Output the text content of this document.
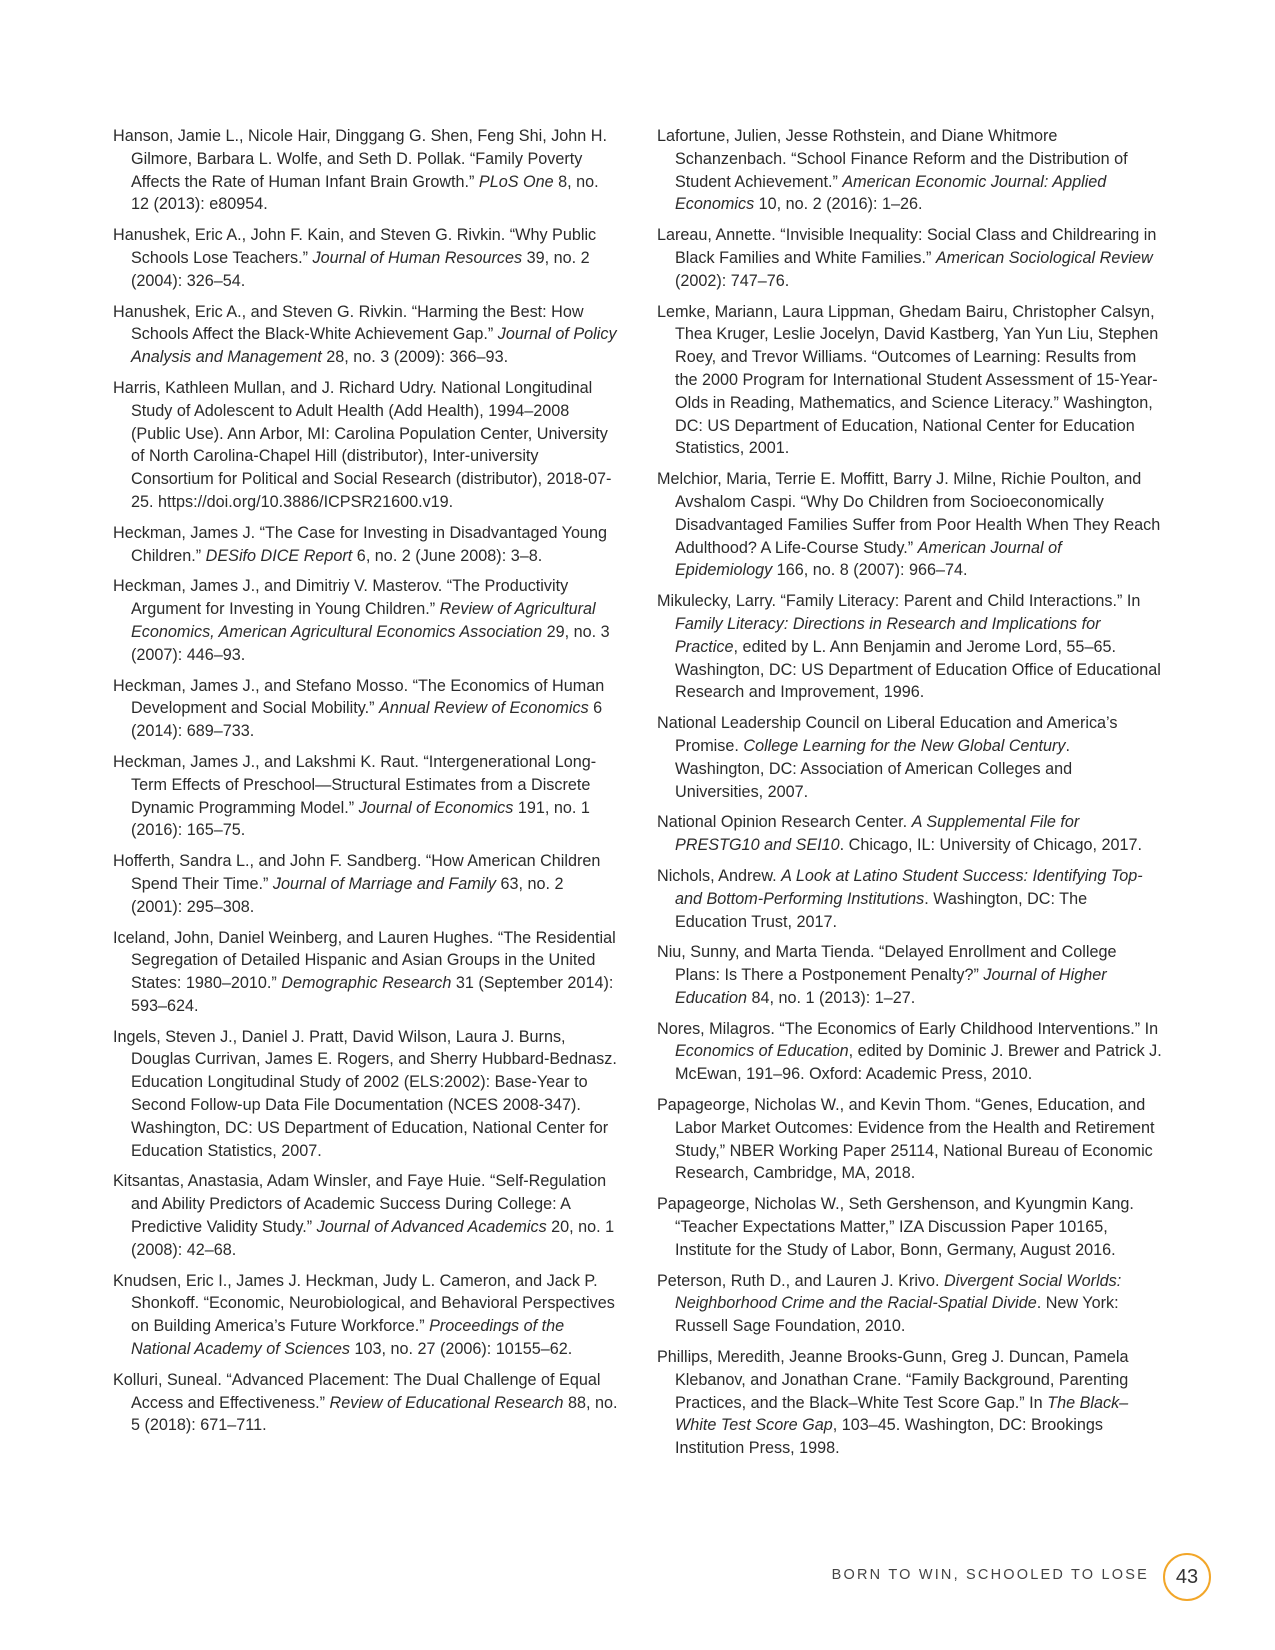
Hanson, Jamie L., Nicole Hair, Dinggang G. Shen, Feng Shi, John H. Gilmore, Barbara L. Wolfe, and Seth D. Pollak. “Family Poverty Affects the Rate of Human Infant Brain Growth.” PLoS One 8, no. 12 (2013): e80954.

Hanushek, Eric A., John F. Kain, and Steven G. Rivkin. “Why Public Schools Lose Teachers.” Journal of Human Resources 39, no. 2 (2004): 326–54.

Hanushek, Eric A., and Steven G. Rivkin. “Harming the Best: How Schools Affect the Black-White Achievement Gap.” Journal of Policy Analysis and Management 28, no. 3 (2009): 366–93.

Harris, Kathleen Mullan, and J. Richard Udry. National Longitudinal Study of Adolescent to Adult Health (Add Health), 1994–2008 (Public Use). Ann Arbor, MI: Carolina Population Center, University of North Carolina-Chapel Hill (distributor), Inter-university Consortium for Political and Social Research (distributor), 2018-07-25. https://doi.org/10.3886/ICPSR21600.v19.

Heckman, James J. “The Case for Investing in Disadvantaged Young Children.” DESifo DICE Report 6, no. 2 (June 2008): 3–8.

Heckman, James J., and Dimitriy V. Masterov. “The Productivity Argument for Investing in Young Children.” Review of Agricultural Economics, American Agricultural Economics Association 29, no. 3 (2007): 446–93.

Heckman, James J., and Stefano Mosso. “The Economics of Human Development and Social Mobility.” Annual Review of Economics 6 (2014): 689–733.

Heckman, James J., and Lakshmi K. Raut. “Intergenerational Long-Term Effects of Preschool—Structural Estimates from a Discrete Dynamic Programming Model.” Journal of Economics 191, no. 1 (2016): 165–75.

Hofferth, Sandra L., and John F. Sandberg. “How American Children Spend Their Time.” Journal of Marriage and Family 63, no. 2 (2001): 295–308.

Iceland, John, Daniel Weinberg, and Lauren Hughes. “The Residential Segregation of Detailed Hispanic and Asian Groups in the United States: 1980–2010.” Demographic Research 31 (September 2014): 593–624.

Ingels, Steven J., Daniel J. Pratt, David Wilson, Laura J. Burns, Douglas Currivan, James E. Rogers, and Sherry Hubbard-Bednasz. Education Longitudinal Study of 2002 (ELS:2002): Base-Year to Second Follow-up Data File Documentation (NCES 2008-347). Washington, DC: US Department of Education, National Center for Education Statistics, 2007.

Kitsantas, Anastasia, Adam Winsler, and Faye Huie. “Self-Regulation and Ability Predictors of Academic Success During College: A Predictive Validity Study.” Journal of Advanced Academics 20, no. 1 (2008): 42–68.

Knudsen, Eric I., James J. Heckman, Judy L. Cameron, and Jack P. Shonkoff. “Economic, Neurobiological, and Behavioral Perspectives on Building America’s Future Workforce.” Proceedings of the National Academy of Sciences 103, no. 27 (2006): 10155–62.

Kolluri, Suneal. “Advanced Placement: The Dual Challenge of Equal Access and Effectiveness.” Review of Educational Research 88, no. 5 (2018): 671–711.

Lafortune, Julien, Jesse Rothstein, and Diane Whitmore Schanzenbach. “School Finance Reform and the Distribution of Student Achievement.” American Economic Journal: Applied Economics 10, no. 2 (2016): 1–26.

Lareau, Annette. “Invisible Inequality: Social Class and Childrearing in Black Families and White Families.” American Sociological Review (2002): 747–76.

Lemke, Mariann, Laura Lippman, Ghedam Bairu, Christopher Calsyn, Thea Kruger, Leslie Jocelyn, David Kastberg, Yan Yun Liu, Stephen Roey, and Trevor Williams. “Outcomes of Learning: Results from the 2000 Program for International Student Assessment of 15-Year-Olds in Reading, Mathematics, and Science Literacy.” Washington, DC: US Department of Education, National Center for Education Statistics, 2001.

Melchior, Maria, Terrie E. Moffitt, Barry J. Milne, Richie Poulton, and Avshalom Caspi. “Why Do Children from Socioeconomically Disadvantaged Families Suffer from Poor Health When They Reach Adulthood? A Life-Course Study.” American Journal of Epidemiology 166, no. 8 (2007): 966–74.

Mikulecky, Larry. “Family Literacy: Parent and Child Interactions.” In Family Literacy: Directions in Research and Implications for Practice, edited by L. Ann Benjamin and Jerome Lord, 55–65. Washington, DC: US Department of Education Office of Educational Research and Improvement, 1996.

National Leadership Council on Liberal Education and America’s Promise. College Learning for the New Global Century. Washington, DC: Association of American Colleges and Universities, 2007.

National Opinion Research Center. A Supplemental File for PRESTG10 and SEI10. Chicago, IL: University of Chicago, 2017.

Nichols, Andrew. A Look at Latino Student Success: Identifying Top- and Bottom-Performing Institutions. Washington, DC: The Education Trust, 2017.

Niu, Sunny, and Marta Tienda. “Delayed Enrollment and College Plans: Is There a Postponement Penalty?” Journal of Higher Education 84, no. 1 (2013): 1–27.

Nores, Milagros. “The Economics of Early Childhood Interventions.” In Economics of Education, edited by Dominic J. Brewer and Patrick J. McEwan, 191–96. Oxford: Academic Press, 2010.

Papageorge, Nicholas W., and Kevin Thom. “Genes, Education, and Labor Market Outcomes: Evidence from the Health and Retirement Study,” NBER Working Paper 25114, National Bureau of Economic Research, Cambridge, MA, 2018.

Papageorge, Nicholas W., Seth Gershenson, and Kyungmin Kang. “Teacher Expectations Matter,” IZA Discussion Paper 10165, Institute for the Study of Labor, Bonn, Germany, August 2016.

Peterson, Ruth D., and Lauren J. Krivo. Divergent Social Worlds: Neighborhood Crime and the Racial-Spatial Divide. New York: Russell Sage Foundation, 2010.

Phillips, Meredith, Jeanne Brooks-Gunn, Greg J. Duncan, Pamela Klebanov, and Jonathan Crane. “Family Background, Parenting Practices, and the Black–White Test Score Gap.” In The Black–White Test Score Gap, 103–45. Washington, DC: Brookings Institution Press, 1998.

BORN TO WIN, SCHOOLED TO LOSE 43
